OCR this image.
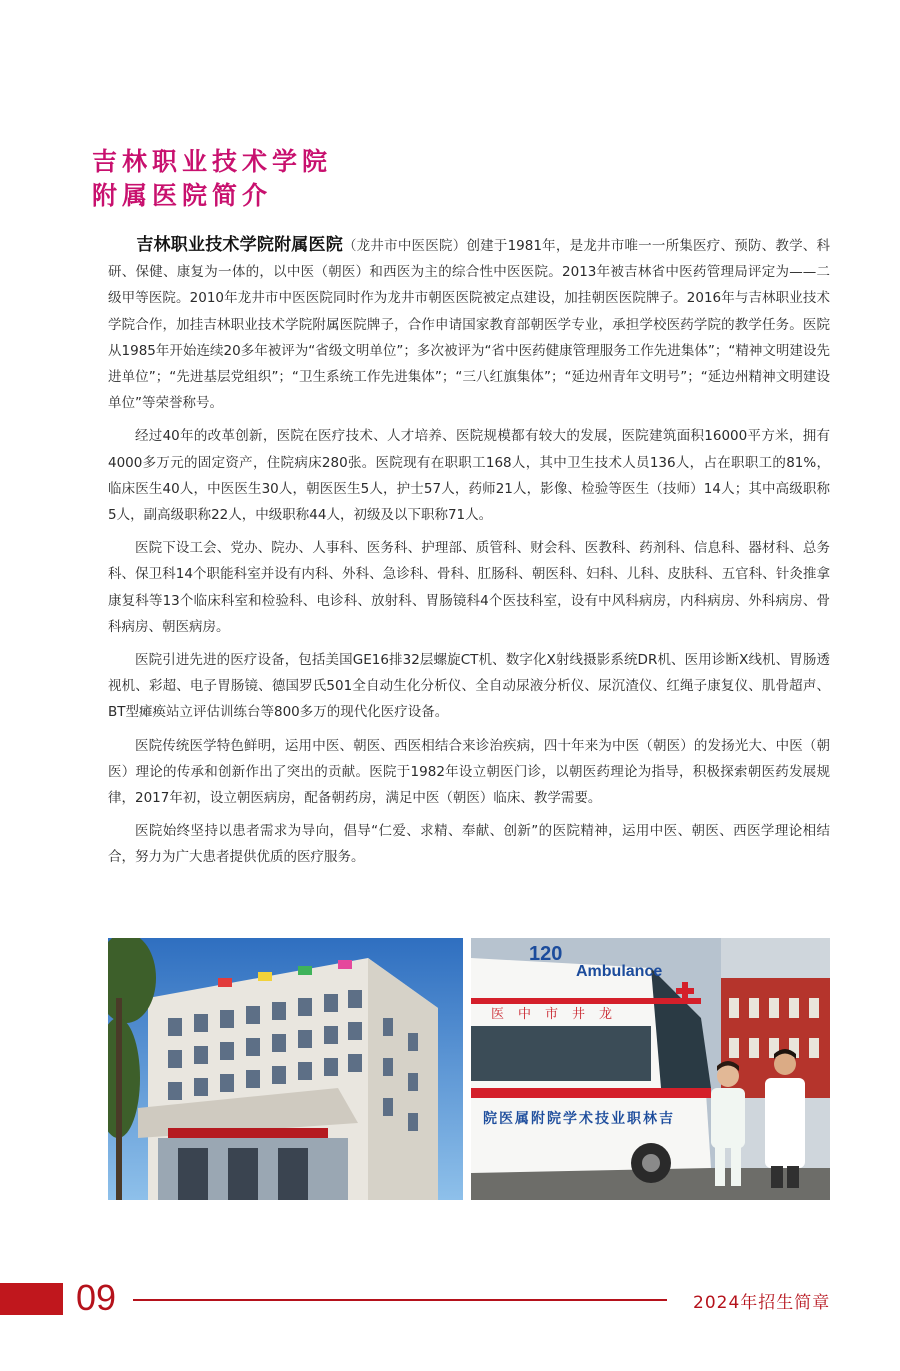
吉林职业技术学院
附属医院简介

吉林职业技术学院附属医院（龙井市中医医院）创建于1981年，是龙井市唯一一所集医疗、预防、教学、科研、保健、康复为一体的，以中医（朝医）和西医为主的综合性中医医院。2013年被吉林省中医药管理局评定为——二级甲等医院。2010年龙井市中医医院同时作为龙井市朝医医院被定点建设，加挂朝医医院牌子。2016年与吉林职业技术学院合作，加挂吉林职业技术学院附属医院牌子，合作申请国家教育部朝医学专业，承担学校医药学院的教学任务。医院从1985年开始连续20多年被评为“省级文明单位”；多次被评为“省中医药健康管理服务工作先进集体”；“精神文明建设先进单位”；“先进基层党组织”；“卫生系统工作先进集体”；“三八红旗集体”；“延边州青年文明号”；“延边州精神文明建设单位”等荣誉称号。

经过40年的改革创新，医院在医疗技术、人才培养、医院规模都有较大的发展，医院建筑面积16000平方米，拥有4000多万元的固定资产，住院病床280张。医院现有在职职工168人，其中卫生技术人员136人，占在职职工的81%，临床医生40人，中医医生30人，朝医医生5人，护士57人，药师21人，影像、检验等医生（技师）14人；其中高级职称5人，副高级职称22人，中级职称44人，初级及以下职称71人。

医院下设工会、党办、院办、人事科、医务科、护理部、质管科、财会科、医教科、药剂科、信息科、器材科、总务科、保卫科14个职能科室并设有内科、外科、急诊科、骨科、肛肠科、朝医科、妇科、儿科、皮肤科、五官科、针灸推拿康复科等13个临床科室和检验科、电诊科、放射科、胃肠镜科4个医技科室，设有中风科病房，内科病房、外科病房、骨科病房、朝医病房。

医院引进先进的医疗设备，包括美国GE16排32层螺旋CT机、数字化X射线摄影系统DR机、医用诊断X线机、胃肠透视机、彩超、电子胃肠镜、德国罗氏501全自动生化分析仪、全自动尿液分析仪、尿沉渣仪、红绳子康复仪、肌骨超声、BT型瘫痪站立评估训练台等800多万的现代化医疗设备。

医院传统医学特色鲜明，运用中医、朝医、西医相结合来诊治疾病，四十年来为中医（朝医）的发扬光大、中医（朝医）理论的传承和创新作出了突出的贡献。医院于1982年设立朝医门诊，以朝医药理论为指导，积极探索朝医药发展规律，2017年初，设立朝医病房，配备朝药房，满足中医（朝医）临床、教学需要。

医院始终坚持以患者需求为导向，倡导“仁爱、求精、奉献、创新”的医院精神，运用中医、朝医、西医学理论相结合，努力为广大患者提供优质的医疗服务。

120
Ambulance
医中市井龙
院医属附院学术技业职林吉
09	2024年招生简章
